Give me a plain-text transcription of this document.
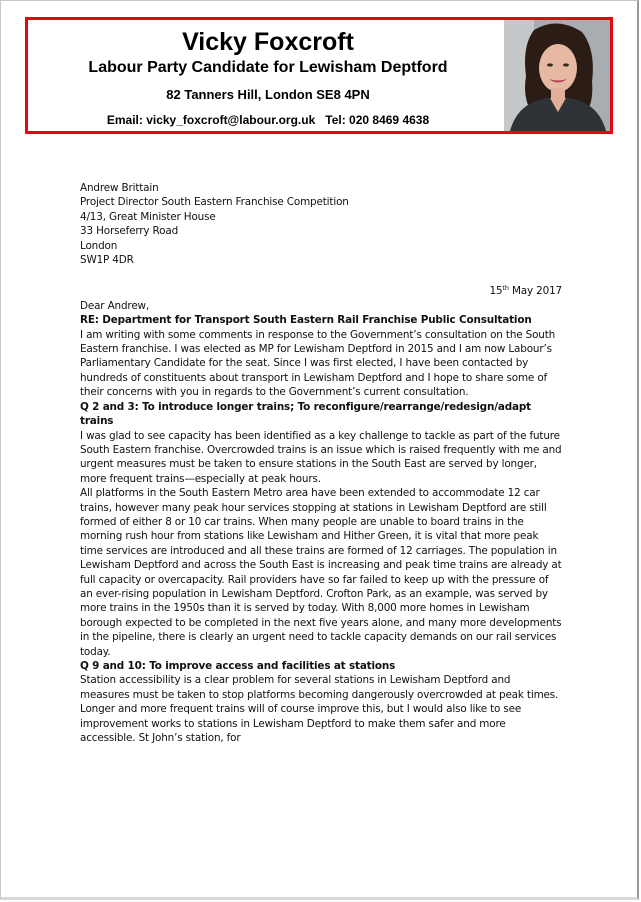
Vicky Foxcroft
Labour Party Candidate for Lewisham Deptford
82 Tanners Hill, London SE8 4PN
Email: vicky_foxcroft@labour.org.uk Tel: 020 8469 4638
Andrew Brittain
Project Director South Eastern Franchise Competition
4/13, Great Minister House
33 Horseferry Road
London
SW1P 4DR
15th May 2017

Dear Andrew,

RE: Department for Transport South Eastern Rail Franchise Public Consultation

I am writing with some comments in response to the Government’s consultation on the South Eastern franchise. I was elected as MP for Lewisham Deptford in 2015 and I am now Labour’s Parliamentary Candidate for the seat. Since I was first elected, I have been contacted by hundreds of constituents about transport in Lewisham Deptford and I hope to share some of their concerns with you in regards to the Government’s current consultation.

Q 2 and 3: To introduce longer trains; To reconfigure/rearrange/redesign/adapt trains

I was glad to see capacity has been identified as a key challenge to tackle as part of the future South Eastern franchise. Overcrowded trains is an issue which is raised frequently with me and urgent measures must be taken to ensure stations in the South East are served by longer, more frequent trains—especially at peak hours.

All platforms in the South Eastern Metro area have been extended to accommodate 12 car trains, however many peak hour services stopping at stations in Lewisham Deptford are still formed of either 8 or 10 car trains. When many people are unable to board trains in the morning rush hour from stations like Lewisham and Hither Green, it is vital that more peak time services are introduced and all these trains are formed of 12 carriages. The population in Lewisham Deptford and across the South East is increasing and peak time trains are already at full capacity or overcapacity. Rail providers have so far failed to keep up with the pressure of an ever-rising population in Lewisham Deptford. Crofton Park, as an example, was served by more trains in the 1950s than it is served by today. With 8,000 more homes in Lewisham borough expected to be completed in the next five years alone, and many more developments in the pipeline, there is clearly an urgent need to tackle capacity demands on our rail services today.

Q 9 and 10: To improve access and facilities at stations

Station accessibility is a clear problem for several stations in Lewisham Deptford and measures must be taken to stop platforms becoming dangerously overcrowded at peak times. Longer and more frequent trains will of course improve this, but I would also like to see improvement works to stations in Lewisham Deptford to make them safer and more accessible. St John’s station, for
